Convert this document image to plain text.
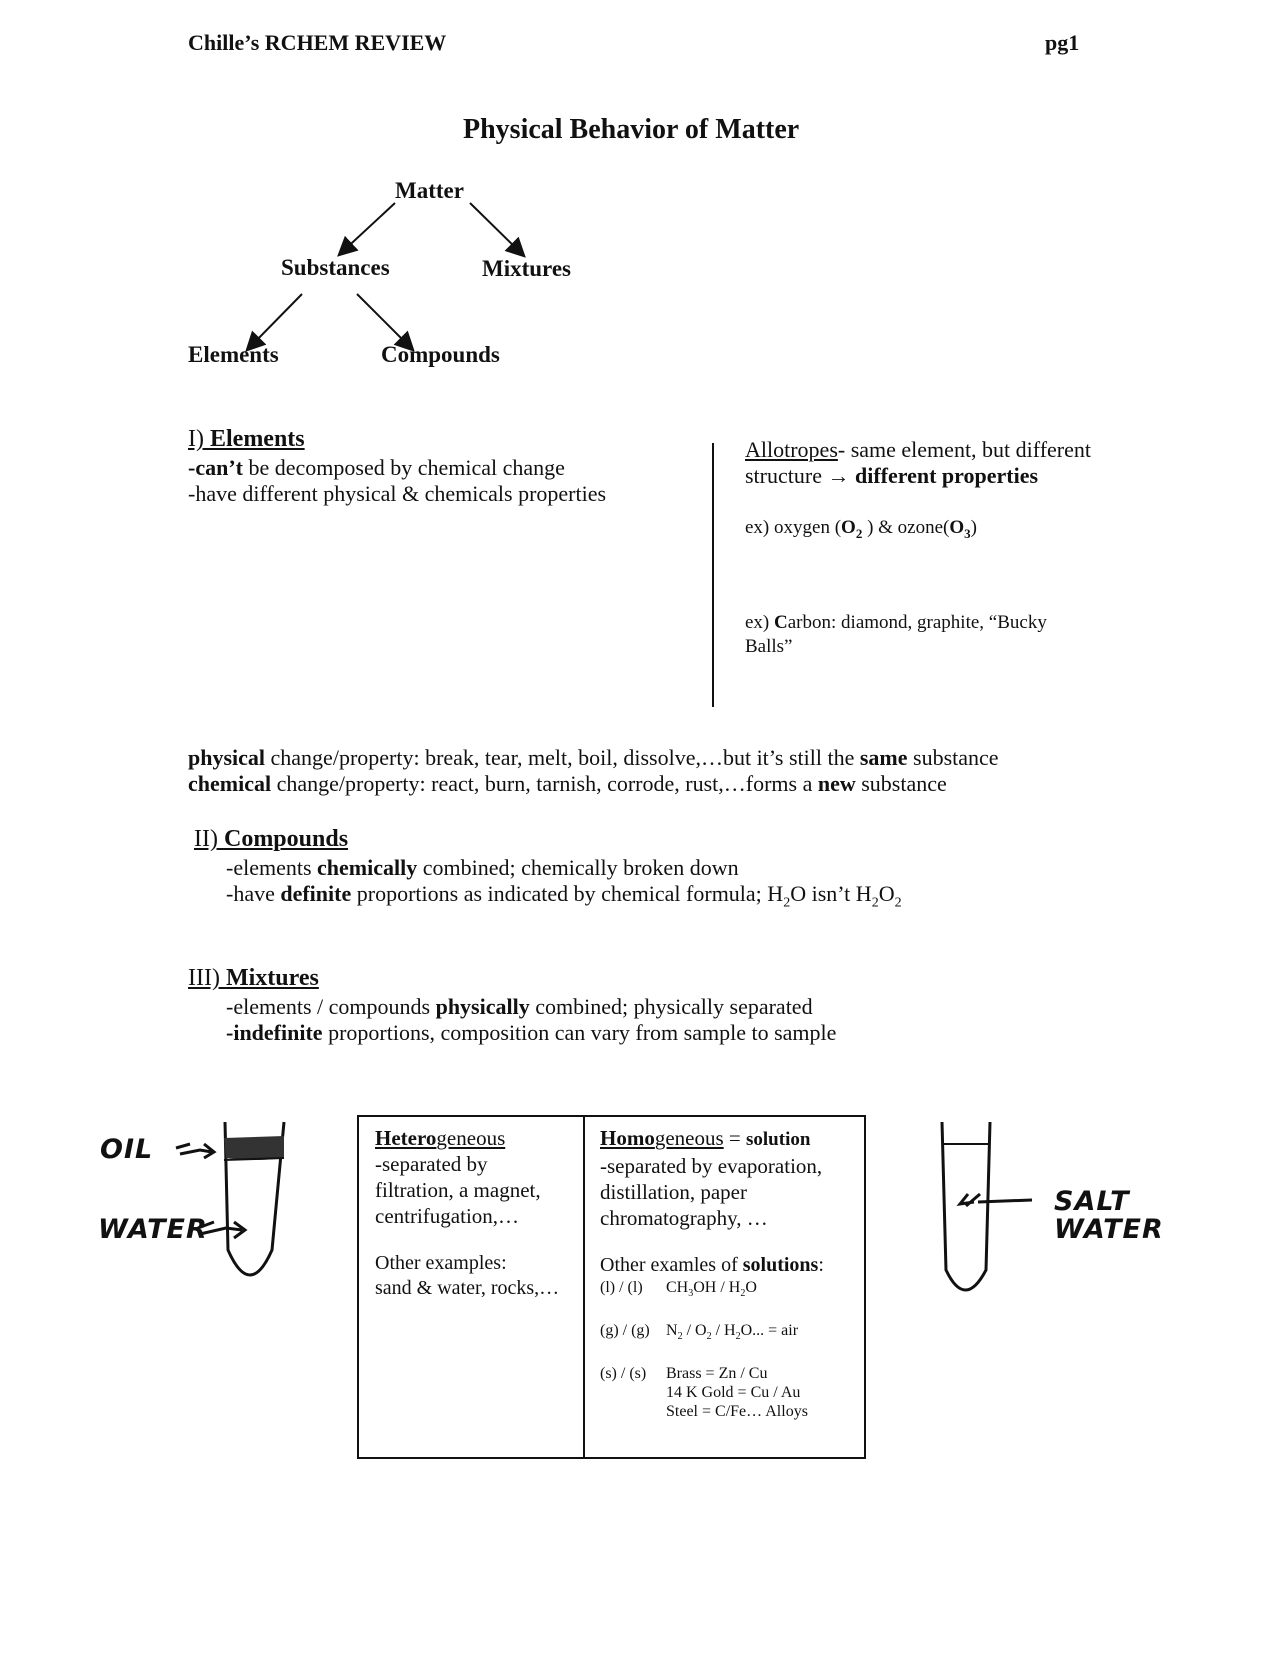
Chille’s RCHEM REVIEW	pg1
Physical Behavior of Matter
Matter
Substances	Mixtures
Elements	Compounds
I) Elements
-can’t be decomposed by chemical change
-have different physical & chemicals properties
Allotropes- same element, but different
structure → different properties
ex) oxygen ($O_2$ ) & $ozone(O_3)$
ex) Carbon: diamond, graphite, “Bucky
Balls”
physical change/property: break, tear, melt, boil, dissolve,…but it’s still the same substance
chemical change/property: react, burn, tarnish, corrode, rust,…forms a new substance
II) Compounds
-elements chemically combined; chemically broken down
-have definite proportions as indicated by chemical formula; $H_2O$ isn’t $H_2O_2$
III) Mixtures
-elements / compounds physically combined; physically separated
-indefinite proportions, composition can vary from sample to sample
Heterogeneous
-separated by
filtration, a magnet,
centrifugation,…
Other examples:
sand & water, rocks,…
Homogeneous = solution
-separated by evaporation,
distillation, paper
chromatography, …
Other examles of solutions:
(l) / (l) $CH_3OH / H_2O$
(g) / (g) $N_2 / O_2 / H_2O$... = air
(s) / (s) Brass = Zn / Cu
14 K Gold = Cu / Au
Steel = C/Fe… Alloys
OIL
WATER
SALT
WATER
